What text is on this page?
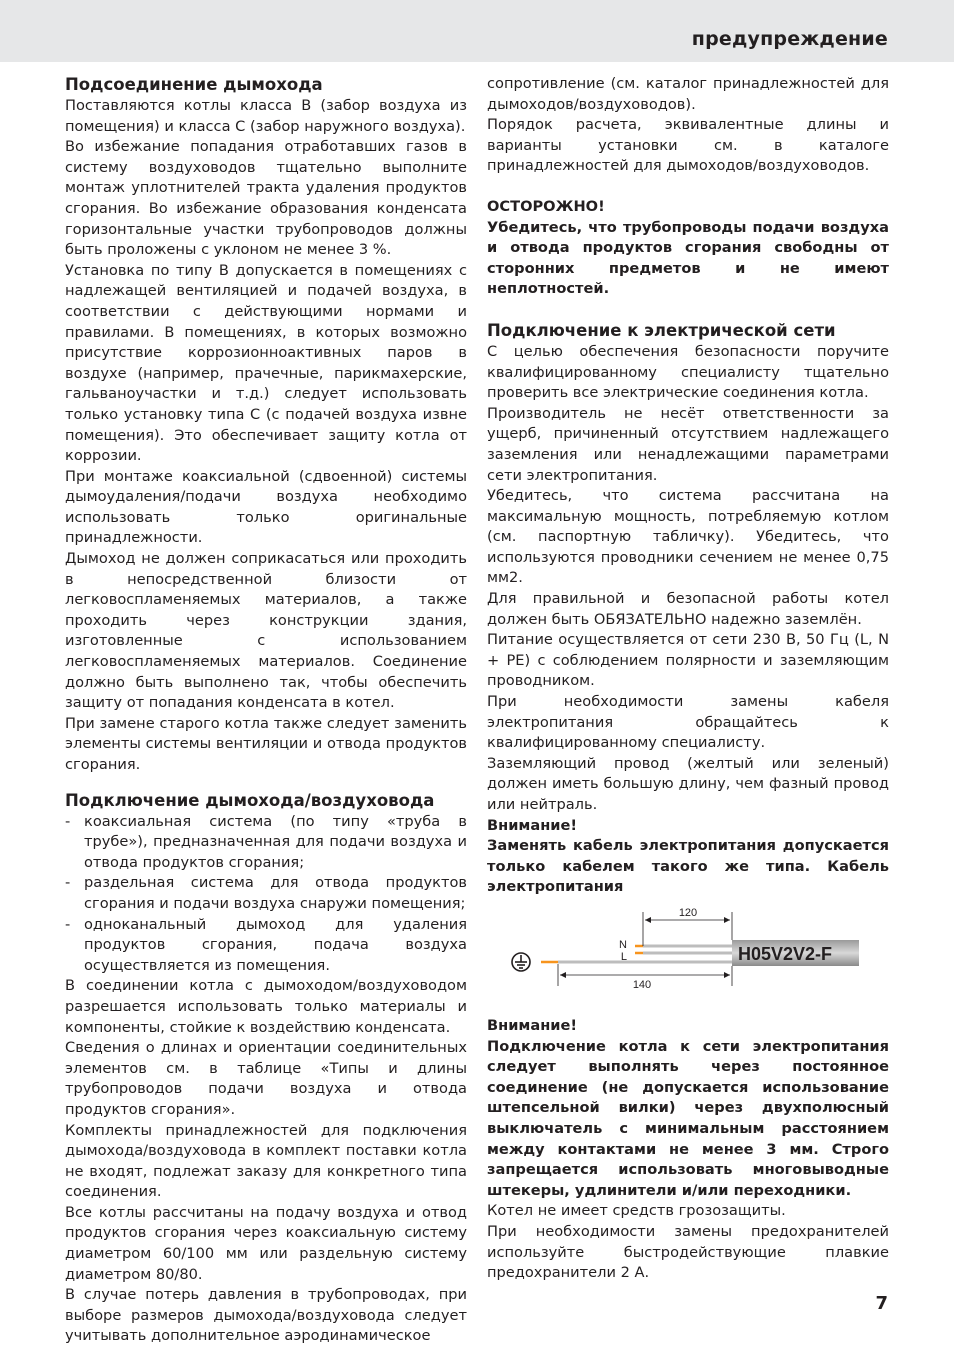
предупреждение
Подсоединение дымохода

Поставляются котлы класса B (забор воздуха из помещения) и класса C (забор наружного воздуха).

Во избежание попадания отработавших газов в систему воздуховодов тщательно выполните монтаж уплотнителей тракта удаления продуктов сгорания. Во избежание образования конденсата горизонтальные участки трубопроводов должны быть проложены с уклоном не менее 3 %.

Установка по типу B допускается в помещениях с надлежащей вентиляцией и подачей воздуха, в соответствии с действующими нормами и правилами. В помещениях, в которых возможно присутствие коррозионноактивных паров в воздухе (например, прачечные, парикмахерские, гальваноучастки и т.д.) следует использовать только установку типа C (с подачей воздуха извне помещения). Это обеспечивает защиту котла от коррозии.

При монтаже коаксиальной (сдвоенной) системы дымоудаления/подачи воздуха необходимо использовать только оригинальные принадлежности.

Дымоход не должен соприкасаться или проходить в непосредственной близости от легковоспламеняемых материалов, а также проходить через конструкции здания, изготовленные с использованием легковоспламеняемых материалов. Соединение должно быть выполнено так, чтобы обеспечить защиту от попадания конденсата в котел.

При замене старого котла также следует заменить элементы системы вентиляции и отвода продуктов сгорания.

Подключение дымохода/воздуховода
- коаксиальная система (по типу «труба в трубе»), предназначенная для подачи воздуха и отвода продуктов сгорания;
- раздельная система для отвода продуктов сгорания и подачи воздуха снаружи помещения;
- одноканальный дымоход для удаления продуктов сгорания, подача воздуха осуществляется из помещения.

В соединении котла с дымоходом/воздуховодом разрешается использовать только материалы и компоненты, стойкие к воздействию конденсата.

Сведения о длинах и ориентации соединительных элементов см. в таблице «Типы и длины трубопроводов подачи воздуха и отвода продуктов сгорания».

Комплекты принадлежностей для подключения дымохода/воздуховода в комплект поставки котла не входят, подлежат заказу для конкретного типа соединения.

Все котлы рассчитаны на подачу воздуха и отвод продуктов сгорания через коаксиальную систему диаметром 60/100 мм или раздельную систему диаметром 80/80.

В случае потерь давления в трубопроводах, при выборе размеров дымохода/воздуховода следует учитывать дополнительное аэродинамическое

сопротивление (см. каталог принадлежностей для дымоходов/воздуховодов).

Порядок расчета, эквивалентные длины и варианты установки см. в каталоге принадлежностей для дымоходов/воздуховодов.

ОСТОРОЖНО!

Убедитесь, что трубопроводы подачи воздуха и отвода продуктов сгорания свободны от сторонних предметов и не имеют неплотностей.

Подключение к электрической сети

С целью обеспечения безопасности поручите квалифицированному специалисту тщательно проверить все электрические соединения котла.

Производитель не несёт ответственности за ущерб, причиненный отсутствием надлежащего заземления или ненадлежащими параметрами сети электропитания.

Убедитесь, что система рассчитана на максимальную мощность, потребляемую котлом (см. паспортную табличку). Убедитесь, что используются проводники сечением не менее 0,75 мм2.

Для правильной и безопасной работы котел должен быть ОБЯЗАТЕЛЬНО надежно заземлён.

Питание осуществляется от сети 230 В, 50 Гц (L, N + PE) с соблюдением полярности и заземляющим проводником.

При необходимости замены кабеля электропитания обращайтесь к квалифицированному специалисту.

Заземляющий провод (желтый или зеленый) должен иметь большую длину, чем фазный провод или нейтраль.

Внимание!

Заменять кабель электропитания допускается только кабелем такого же типа. Кабель электропитания

120
140
N
L	H05V2V2-F

Внимание!

Подключение котла к сети электропитания следует выполнять через постоянное соединение (не допускается использование штепсельной вилки) через двухполюсный выключатель с минимальным расстоянием между контактами не менее 3 мм. Строго запрещается использовать многовыводные штекеры, удлинители и/или переходники.

Котел не имеет средств грозозащиты.

При необходимости замены предохранителей используйте быстродействующие плавкие предохранители 2 А.

7
